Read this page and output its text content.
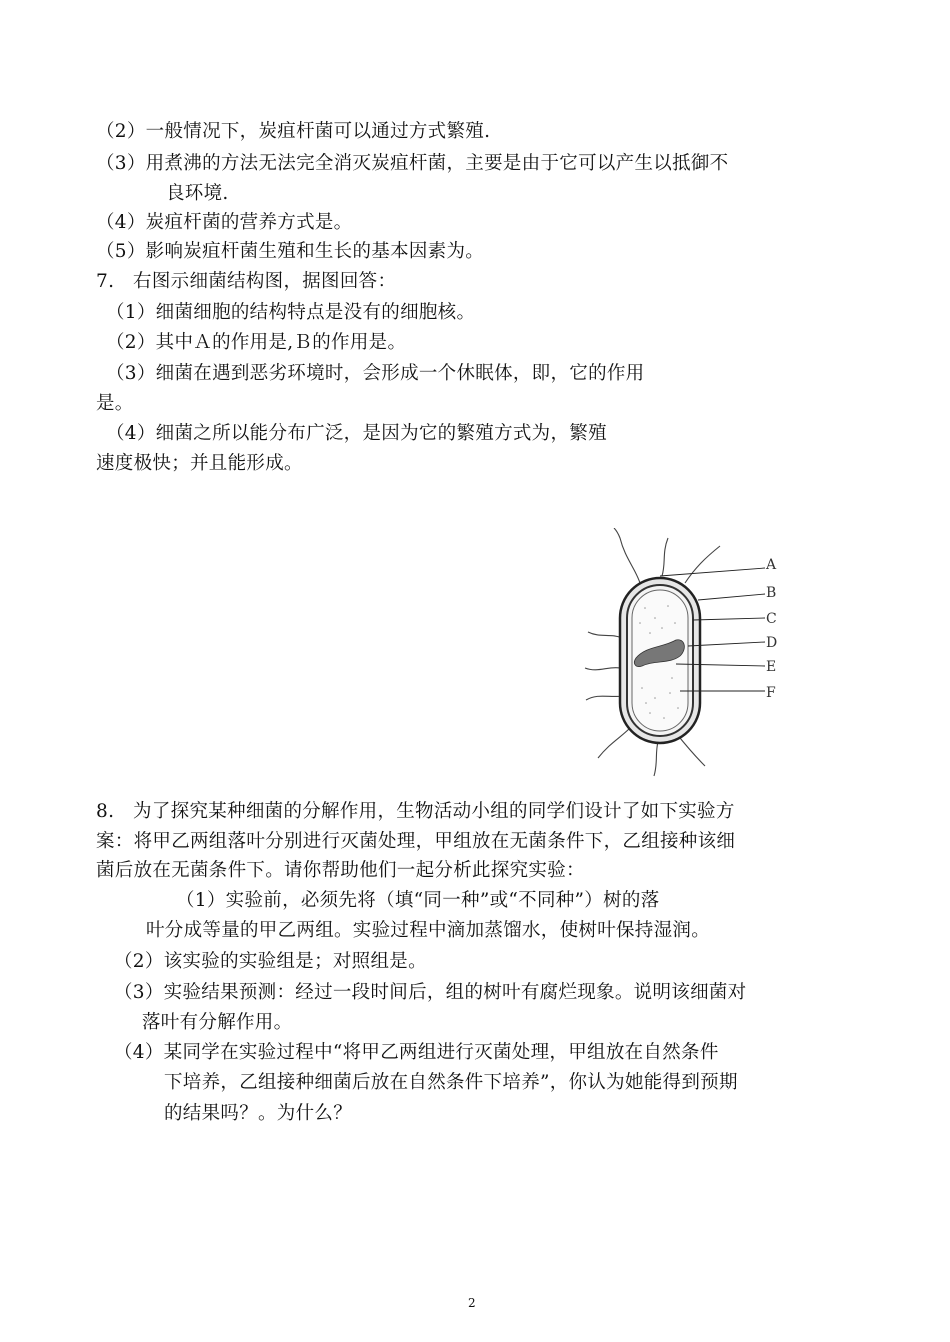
（2）一般情况下，炭疽杆菌可以通过方式繁殖.
（3）用煮沸的方法无法完全消灭炭疽杆菌，主要是由于它可以产生以抵御不
良环境.
（4）炭疽杆菌的营养方式是。
（5）影响炭疽杆菌生殖和生长的基本因素为。
7.　右图示细菌结构图，据图回答：
（1）细菌细胞的结构特点是没有的细胞核。
（2）其中Ａ的作用是,Ｂ的作用是。
（3）细菌在遇到恶劣环境时，会形成一个休眠体，即，它的作用
是。
（4）细菌之所以能分布广泛，是因为它的繁殖方式为，繁殖
速度极快；并且能形成。
A
B
C
D
E
F
8.　为了探究某种细菌的分解作用，生物活动小组的同学们设计了如下实验方
案：将甲乙两组落叶分别进行灭菌处理，甲组放在无菌条件下，乙组接种该细
菌后放在无菌条件下。请你帮助他们一起分析此探究实验：
（1）实验前，必须先将（填“同一种”或“不同种”）树的落
叶分成等量的甲乙两组。实验过程中滴加蒸馏水，使树叶保持湿润。
（2）该实验的实验组是；对照组是。
（3）实验结果预测：经过一段时间后，组的树叶有腐烂现象。说明该细菌对
落叶有分解作用。
（4）某同学在实验过程中“将甲乙两组进行灭菌处理，甲组放在自然条件
下培养，乙组接种细菌后放在自然条件下培养”，你认为她能得到预期
的结果吗？。为什么？
2
